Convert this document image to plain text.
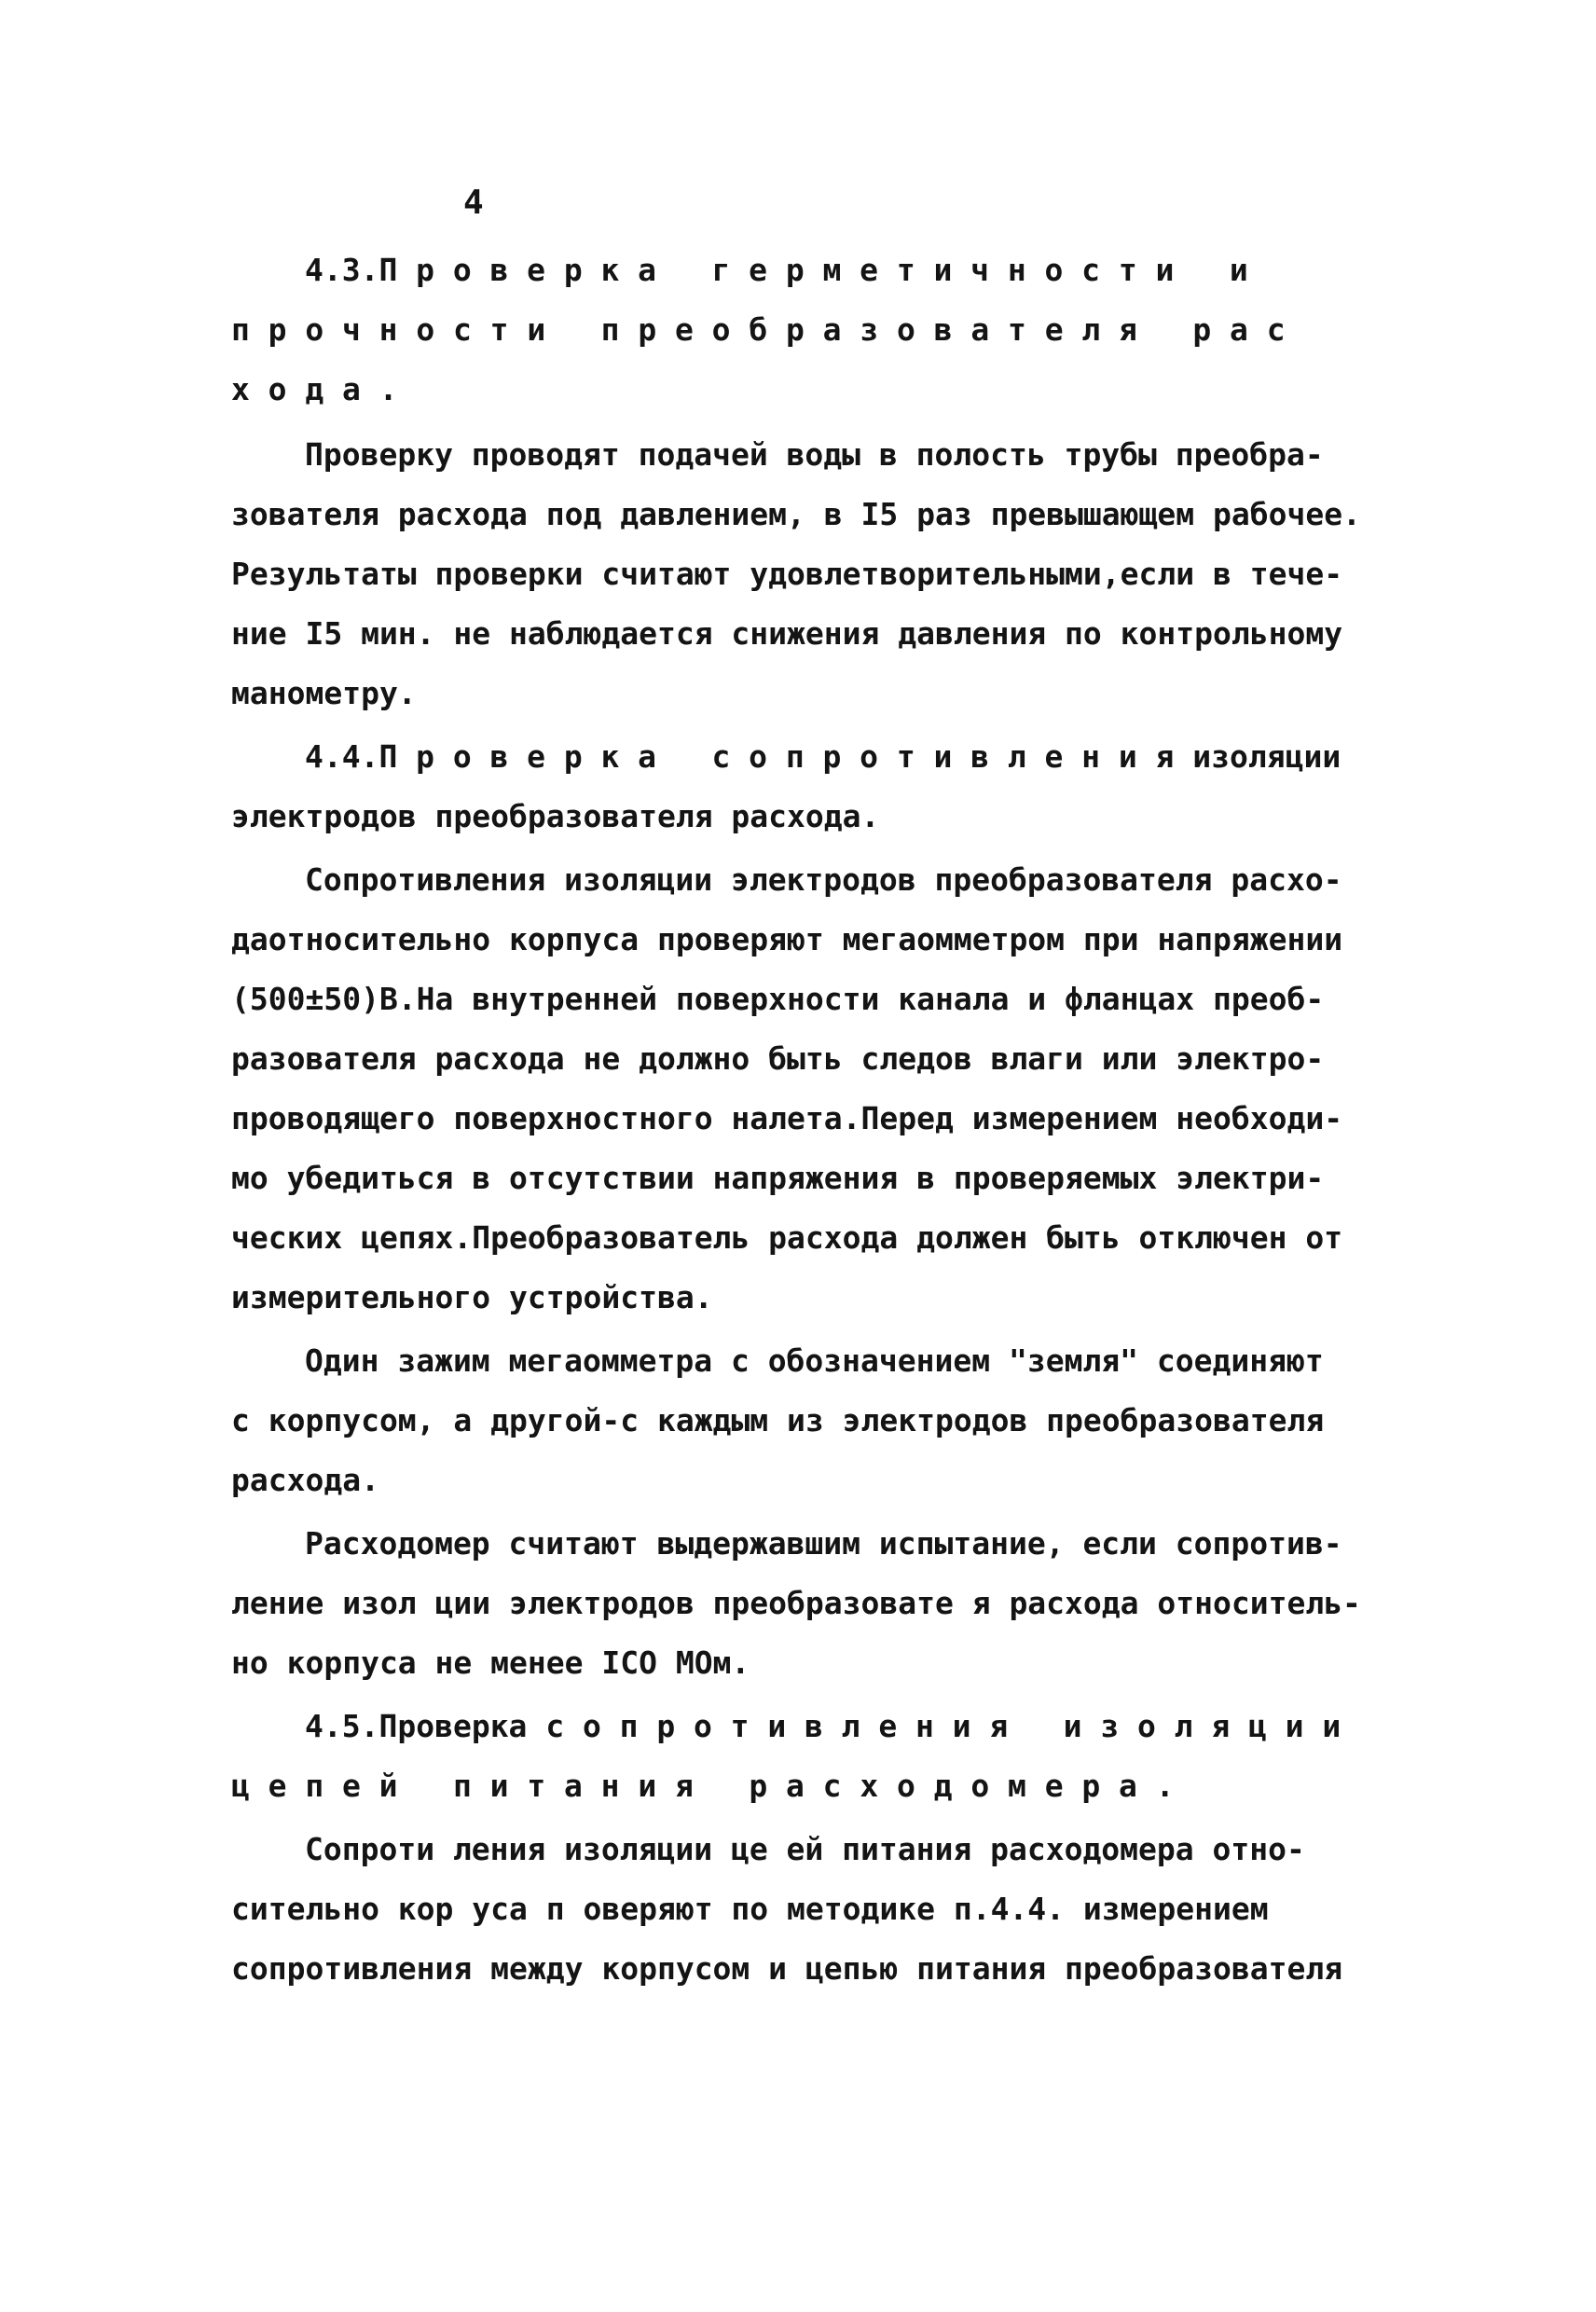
4
4.3.Проверка герметичности и
прочности преобразователя рас
хода.
Проверку проводят подачей воды в полость трубы преобра-
зователя расхода под давлением, в I5 раз превышающем рабочее.
Результаты проверки считают удовлетворительными,если в тече-
ние I5 мин. не наблюдается снижения давления по контрольному
манометру.
4.4.Проверка сопротивления изоляции
электродов преобразователя расхода.
Сопротивления изоляции электродов преобразователя расхо-
даотносительно корпуса проверяют мегаомметром при напряжении
(500±50)В.На внутренней поверхности канала и фланцах преоб-
разователя расхода не должно быть следов влаги или электро-
проводящего поверхностного налета.Перед измерением необходи-
мо убедиться в отсутствии напряжения в проверяемых электри-
ческих цепях.Преобразователь расхода должен быть отключен от
измерительного устройства.
Один зажим мегаомметра с обозначением "земля" соединяют
с корпусом, а другой-с каждым из электродов преобразователя
расхода.
Расходомер считают выдержавшим испытание, если сопротив-
ление изол ции электродов преобразовате я расхода относитель-
но корпуса не менее IСО МОм.
4.5.Проверка сопротивления изоляции
цепей питания расходомера.
Сопроти ления изоляции це ей питания расходомера отно-
сительно кор уса п оверяют по методике п.4.4. измерением
сопротивления между корпусом и цепью питания преобразователя
